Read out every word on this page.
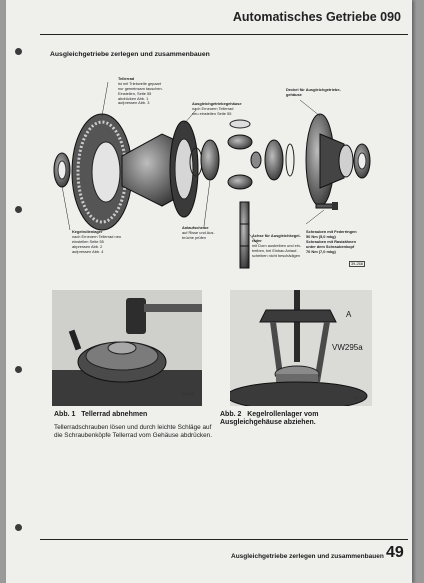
Automatisches Getriebe 090
Ausgleichgetriebe zerlegen und zusammenbauen
Tellerrad
ist mit Triebwelle gepaart
nur gemeinsam tauschen.
Einstellen, Seite 55
abdrücken Abb. 1
aufpressen Abb. 3	Ausgleichgetriebegehäuse
nach Erneuern Tellerrad
neu einstellen Seite 55
Deckel für Ausgleichgetriebe-
gehäuse
Kegelrollenlager
nach Erneuern Tellerrad neu
einstellen Seite 55
abpressen Abb. 2
aufpressen Abb. 4
Anlaufscheibe
auf Risse und Aus-
brüche prüfen	Achse für Ausgleichkegel-
räder
mit Dorn austreiben und ein-
treiben, bei Einbau Anlauf-
scheiben nicht beschädigen
Schrauben mit Federringen
50 Nm (5,0 mkg)
Schrauben mit Rastzähnen
unter dem Schraubenkopf
70 Nm (7,0 mkg)
39-268
39-269
A
VW295a
39-291
Abb. 1 Tellerrad abnehmen
Tellerradschrauben lösen und durch leichte Schläge auf die Schraubenköpfe Tellerrad vom Gehäuse abdrücken.
Abb. 2 Kegelrollenlager vom Ausgleichgehäuse abziehen.
Ausgleichgetriebe zerlegen und zusammenbauen 49
